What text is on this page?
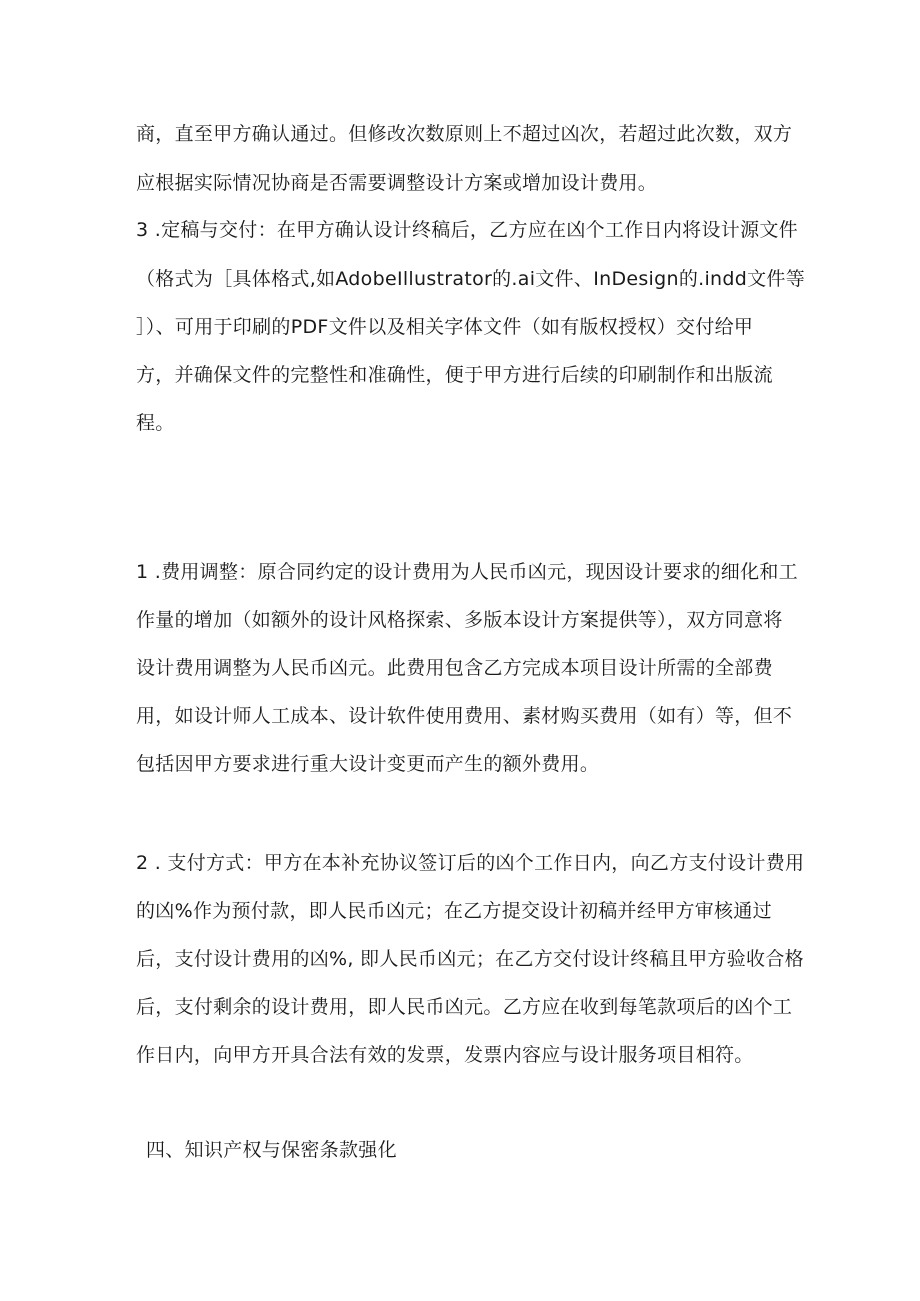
商，直至甲方确认通过。但修改次数原则上不超过凶次，若超过此次数，双方
应根据实际情况协商是否需要调整设计方案或增加设计费用。
3 .定稿与交付：在甲方确认设计终稿后，乙方应在凶个工作日内将设计源文件
（格式为［具体格式,如AdobeIllustrator的.ai文件、InDesign的.indd文件等
］）、可用于印刷的PDF文件以及相关字体文件（如有版权授权）交付给甲
方，并确保文件的完整性和准确性，便于甲方进行后续的印刷制作和出版流
程。
1 .费用调整：原合同约定的设计费用为人民币凶元，现因设计要求的细化和工
作量的增加（如额外的设计风格探索、多版本设计方案提供等），双方同意将
设计费用调整为人民币凶元。此费用包含乙方完成本项目设计所需的全部费
用，如设计师人工成本、设计软件使用费用、素材购买费用（如有）等，但不
包括因甲方要求进行重大设计变更而产生的额外费用。
2 . 支付方式：甲方在本补充协议签订后的凶个工作日内，向乙方支付设计费用
的凶%作为预付款，即人民币凶元；在乙方提交设计初稿并经甲方审核通过
后，支付设计费用的凶%, 即人民币凶元；在乙方交付设计终稿且甲方验收合格
后，支付剩余的设计费用，即人民币凶元。乙方应在收到每笔款项后的凶个工
作日内，向甲方开具合法有效的发票，发票内容应与设计服务项目相符。
四、知识产权与保密条款强化
